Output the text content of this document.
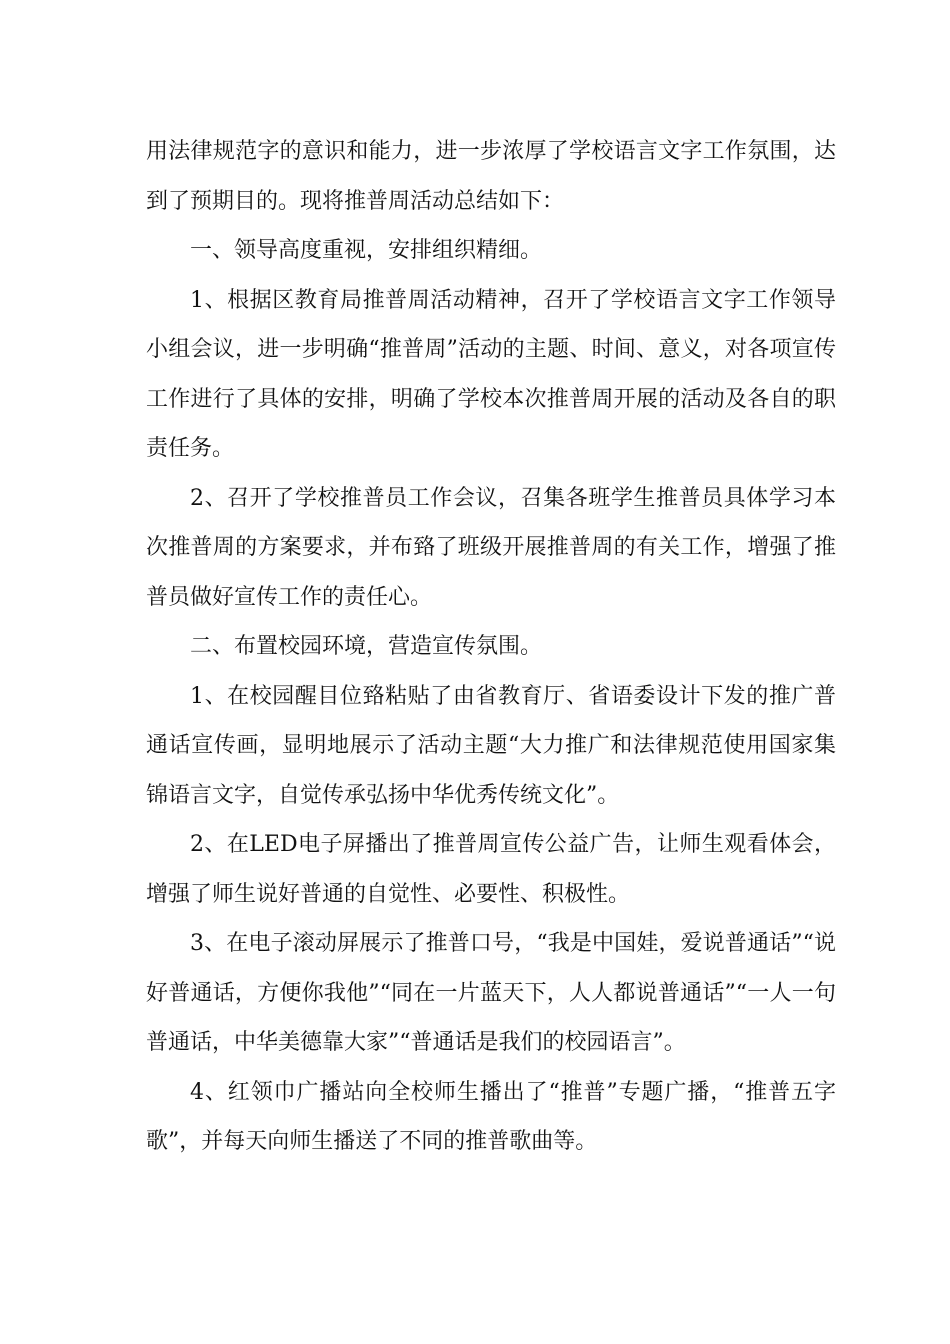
用法律规范字的意识和能力，进一步浓厚了学校语言文字工作氛围，达到了预期目的。现将推普周活动总结如下：

一、领导高度重视，安排组织精细。

1、根据区教育局推普周活动精神，召开了学校语言文字工作领导小组会议，进一步明确“推普周”活动的主题、时间、意义，对各项宣传工作进行了具体的安排，明确了学校本次推普周开展的活动及各自的职责任务。

2、召开了学校推普员工作会议，召集各班学生推普员具体学习本次推普周的方案要求，并布臵了班级开展推普周的有关工作，增强了推普员做好宣传工作的责任心。

二、布置校园环境，营造宣传氛围。

1、在校园醒目位臵粘贴了由省教育厅、省语委设计下发的推广普通话宣传画，显明地展示了活动主题“大力推广和法律规范使用国家集锦语言文字，自觉传承弘扬中华优秀传统文化”。

2、在LED电子屏播出了推普周宣传公益广告，让师生观看体会，增强了师生说好普通的自觉性、必要性、积极性。

3、在电子滚动屏展示了推普口号，“我是中国娃，爱说普通话”“说好普通话，方便你我他”“同在一片蓝天下，人人都说普通话”“一人一句普通话，中华美德靠大家”“普通话是我们的校园语言”。

4、红领巾广播站向全校师生播出了“推普”专题广播，“推普五字歌”，并每天向师生播送了不同的推普歌曲等。
